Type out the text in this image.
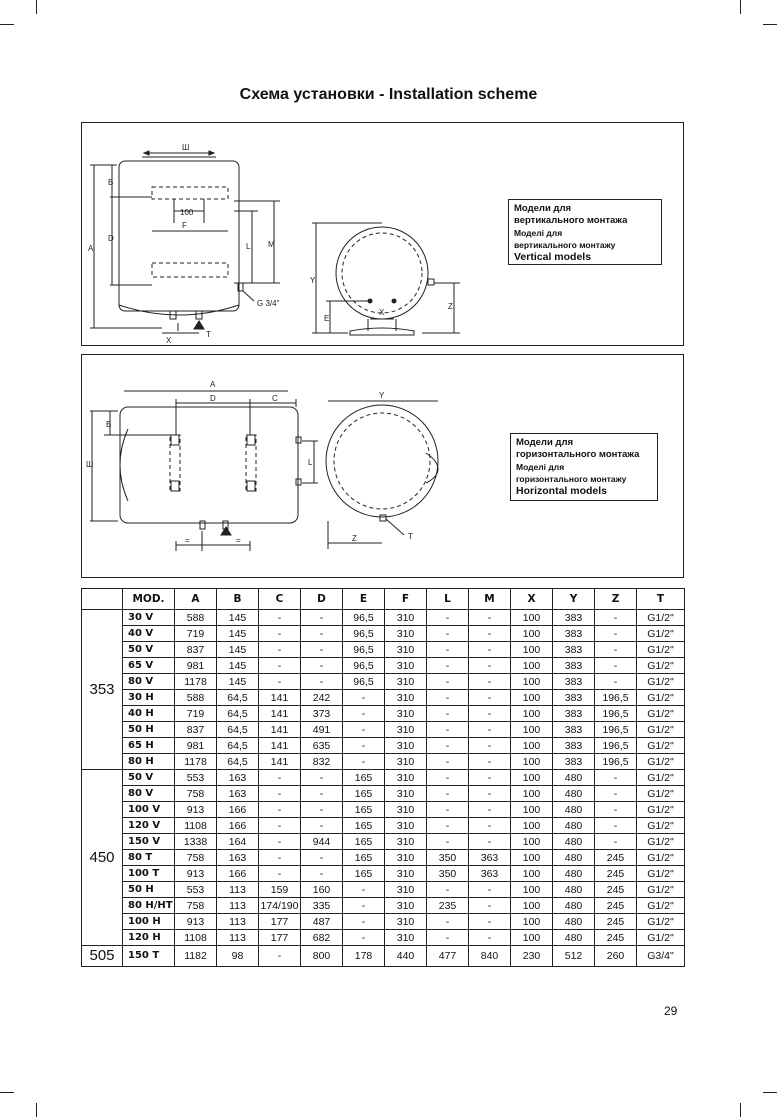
Схема установки - Installation scheme
Ш
B
D
A
F
100
L M
G 3/4"
T
X
Y
E
Z
X
Модели для
вертикального монтажа
Моделі для
вертикального монтажу
Vertical models
A
D	C
B
Ш	L
=	=
Y
Z	T
Модели для
горизонтального монтажа
Моделі для
горизонтального монтажу
Horizontal models
	MOD.	A	B	C	D	E	F	L	M	X	Y	Z	T
353	30 V	588	145	-	-	96,5	310	-	-	100	383	-	G1/2"
	40 V	719	145	-	-	96,5	310	-	-	100	383	-	G1/2"
	50 V	837	145	-	-	96,5	310	-	-	100	383	-	G1/2"
	65 V	981	145	-	-	96,5	310	-	-	100	383	-	G1/2"
	80 V	1178	145	-	-	96,5	310	-	-	100	383	-	G1/2"
	30 H	588	64,5	141	242	-	310	-	-	100	383	196,5	G1/2"
	40 H	719	64,5	141	373	-	310	-	-	100	383	196,5	G1/2"
	50 H	837	64,5	141	491	-	310	-	-	100	383	196,5	G1/2"
	65 H	981	64,5	141	635	-	310	-	-	100	383	196,5	G1/2"
	80 H	1178	64,5	141	832	-	310	-	-	100	383	196,5	G1/2"
450	50 V	553	163	-	-	165	310	-	-	100	480	-	G1/2"
	80 V	758	163	-	-	165	310	-	-	100	480	-	G1/2"
	100 V	913	166	-	-	165	310	-	-	100	480	-	G1/2"
	120 V	1108	166	-	-	165	310	-	-	100	480	-	G1/2"
	150 V	1338	164	-	944	165	310	-	-	100	480	-	G1/2"
	80 T	758	163	-	-	165	310	350	363	100	480	245	G1/2"
	100 T	913	166	-	-	165	310	350	363	100	480	245	G1/2"
	50 H	553	113	159	160	-	310	-	-	100	480	245	G1/2"
	80 H/HT	758	113	174/190	335	-	310	235	-	100	480	245	G1/2"
	100 H	913	113	177	487	-	310	-	-	100	480	245	G1/2"
	120 H	1108	113	177	682	-	310	-	-	100	480	245	G1/2"
505	150 T	1182	98	-	800	178	440	477	840	230	512	260	G3/4"
29
